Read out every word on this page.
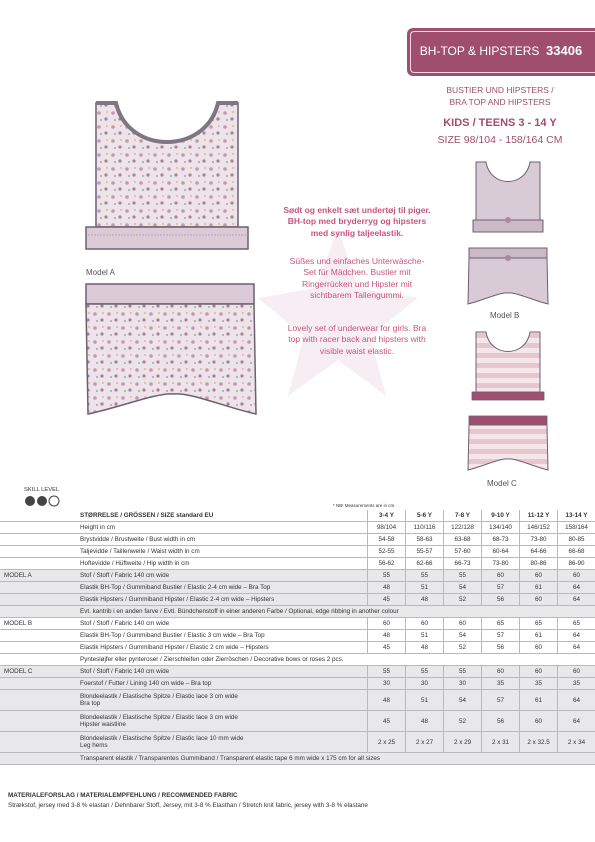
BH-TOP & HIPSTERS 33406
BUSTIER UND HIPSTERS /
BRA TOP AND HIPSTERS
KIDS / TEENS 3 - 14 Y
SIZE 98/104 - 158/164 CM
Model A
Sødt og enkelt sæt undertøj til piger.
BH-top med bryderryg og hipsters
med synlig taljeelastik.
Süßes und einfaches Unterwäsche-
Set für Mädchen. Bustier mit
Ringerrücken und Hipster mit
sichtbarem Tallengummi.
Lovely set of underwear for girls. Bra
top with racer back and hipsters with
visible waist elastic.
Model B
Model C
SKILL LEVEL
* NB! Measurements are in cm.
	STØRRELSE / GRÖSSEN / SIZE standard EU	3-4 Y	5-6 Y	7-8 Y	9-10 Y	11-12 Y	13-14 Y

	Height in cm	98/104	110/116	122/128	134/140	146/152	158/164

	Brystvidde / Brustweite / Bust width in cm	54-58	58-63	63-68	68-73	73-80	80-85

	Taljevidde / Taillenweite / Waist width in cm	52-55	55-57	57-60	60-64	64-66	66-68

	Hoftevidde / Hüftweite / Hip width in cm	56-62	62-66	66-73	73-80	80-86	86-90
MODEL A	Stof / Stoff / Fabric 140 cm wide	55	55	55	60	60	60

	Elastik BH-Top / Gummiband Bustier / Elastic 2-4 cm wide – Bra Top	48	51	54	57	61	64

	Elastik Hipsters / Gummiband Hipster / Elastic 2-4 cm wide – Hipsters	45	48	52	56	60	64

	Evt. kantrib i en anden farve / Evtl. Bündchenstoff in einer anderen Farbe / Optional, edge ribbing in another colour						

MODEL B	Stof / Stoff / Fabric 140 cm wide	60	60	60	65	65	65

	Elastik BH-Top / Gummiband Bustier / Elastic 3 cm wide – Bra Top	48	51	54	57	61	64

	Elastik Hipsters / Gummiband Hipster / Elastic 2 cm wide – Hipsters	45	48	52	56	60	64

	Pyntesløjfer eller pynteroser / Zierschleifen oder Zierröschen / Decorative bows or roses 2 pcs.						

MODEL C	Stof / Stoff / Fabric 140 cm wide	55	55	55	60	60	60

	Foerstof / Futter / Lining 140 cm wide – Bra top	30	30	30	35	35	35

	Blondeelastik / Elastische Spitze / Elastic lace 3 cm wide
Bra top	48	51	54	57	61	64

	Blondeelastik / Elastische Spitze / Elastic lace 3 cm wide
Hipster waistline	45	48	52	56	60	64

	Blondeelastik / Elastische Spitze / Elastic lace 10 mm wide
Leg hems	2 x 25	2 x 27	2 x 29	2 x 31	2 x 32.5	2 x 34

	Transparent elastik / Transparentes Gummiband / Transparent elastic tape 6 mm wide x 175 cm for all sizes						
MATERIALEFORSLAG / MATERIALEMPFEHLUNG / RECOMMENDED FABRIC
Strækstof, jersey med 3-8 % elastan / Dehnbarer Stoff, Jersey, mit 3-8 % Elasthan / Stretch knit fabric, jersey with 3-8 % elastane
